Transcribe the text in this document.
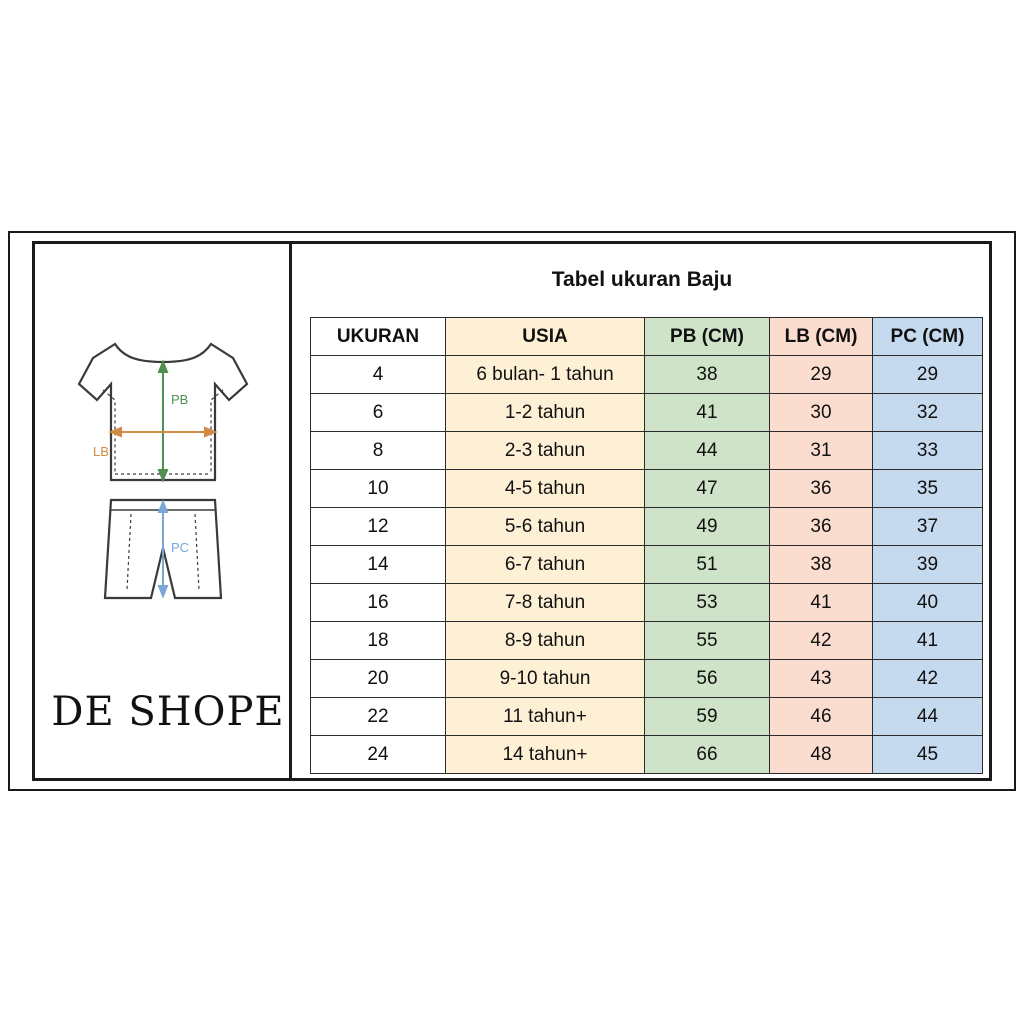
PB
LB
PC
DE SHOPE
Tabel ukuran Baju
UKURAN	USIA	PB (CM)	LB (CM)	PC (CM)
4	6 bulan- 1 tahun	38	29	29
6	1-2 tahun	41	30	32
8	2-3 tahun	44	31	33
10	4-5 tahun	47	36	35
12	5-6 tahun	49	36	37
14	6-7 tahun	51	38	39
16	7-8 tahun	53	41	40
18	8-9 tahun	55	42	41
20	9-10 tahun	56	43	42
22	11 tahun+	59	46	44
24	14 tahun+	66	48	45
